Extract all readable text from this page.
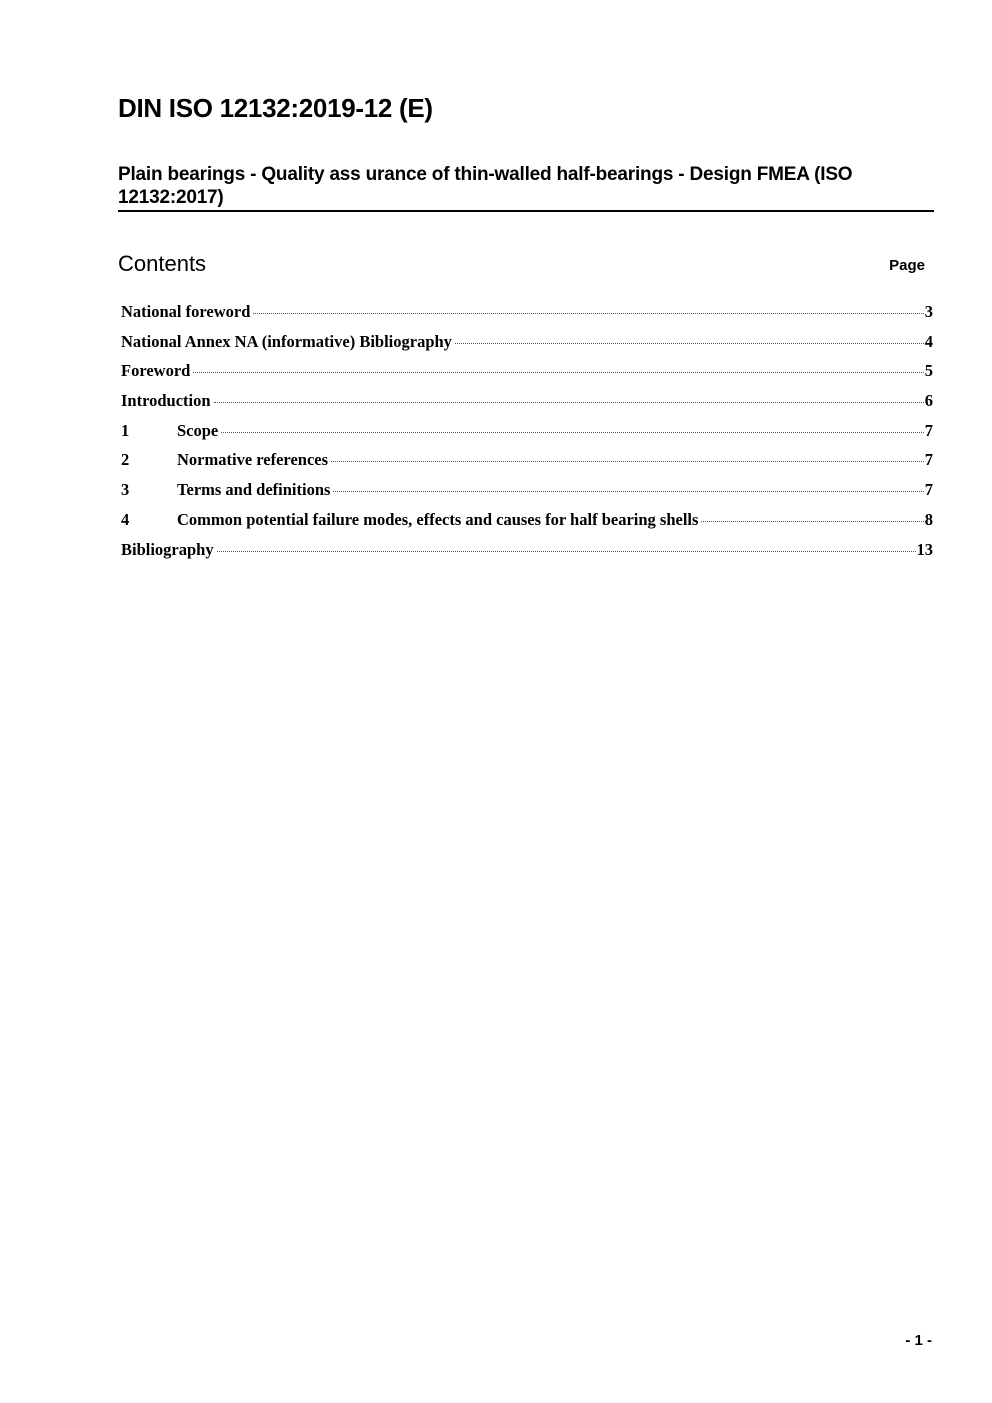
DIN ISO 12132:2019-12 (E)
Plain bearings - Quality ass urance of thin-walled half-bearings - Design FMEA (ISO 12132:2017)
Contents	Page
National foreword	3
National Annex NA (informative) Bibliography	4
Foreword	5
Introduction	6
1	Scope	7
2	Normative references	7
3	Terms and definitions	7
4	Common potential failure modes, effects and causes for half bearing shells	8
Bibliography	13
- 1 -
